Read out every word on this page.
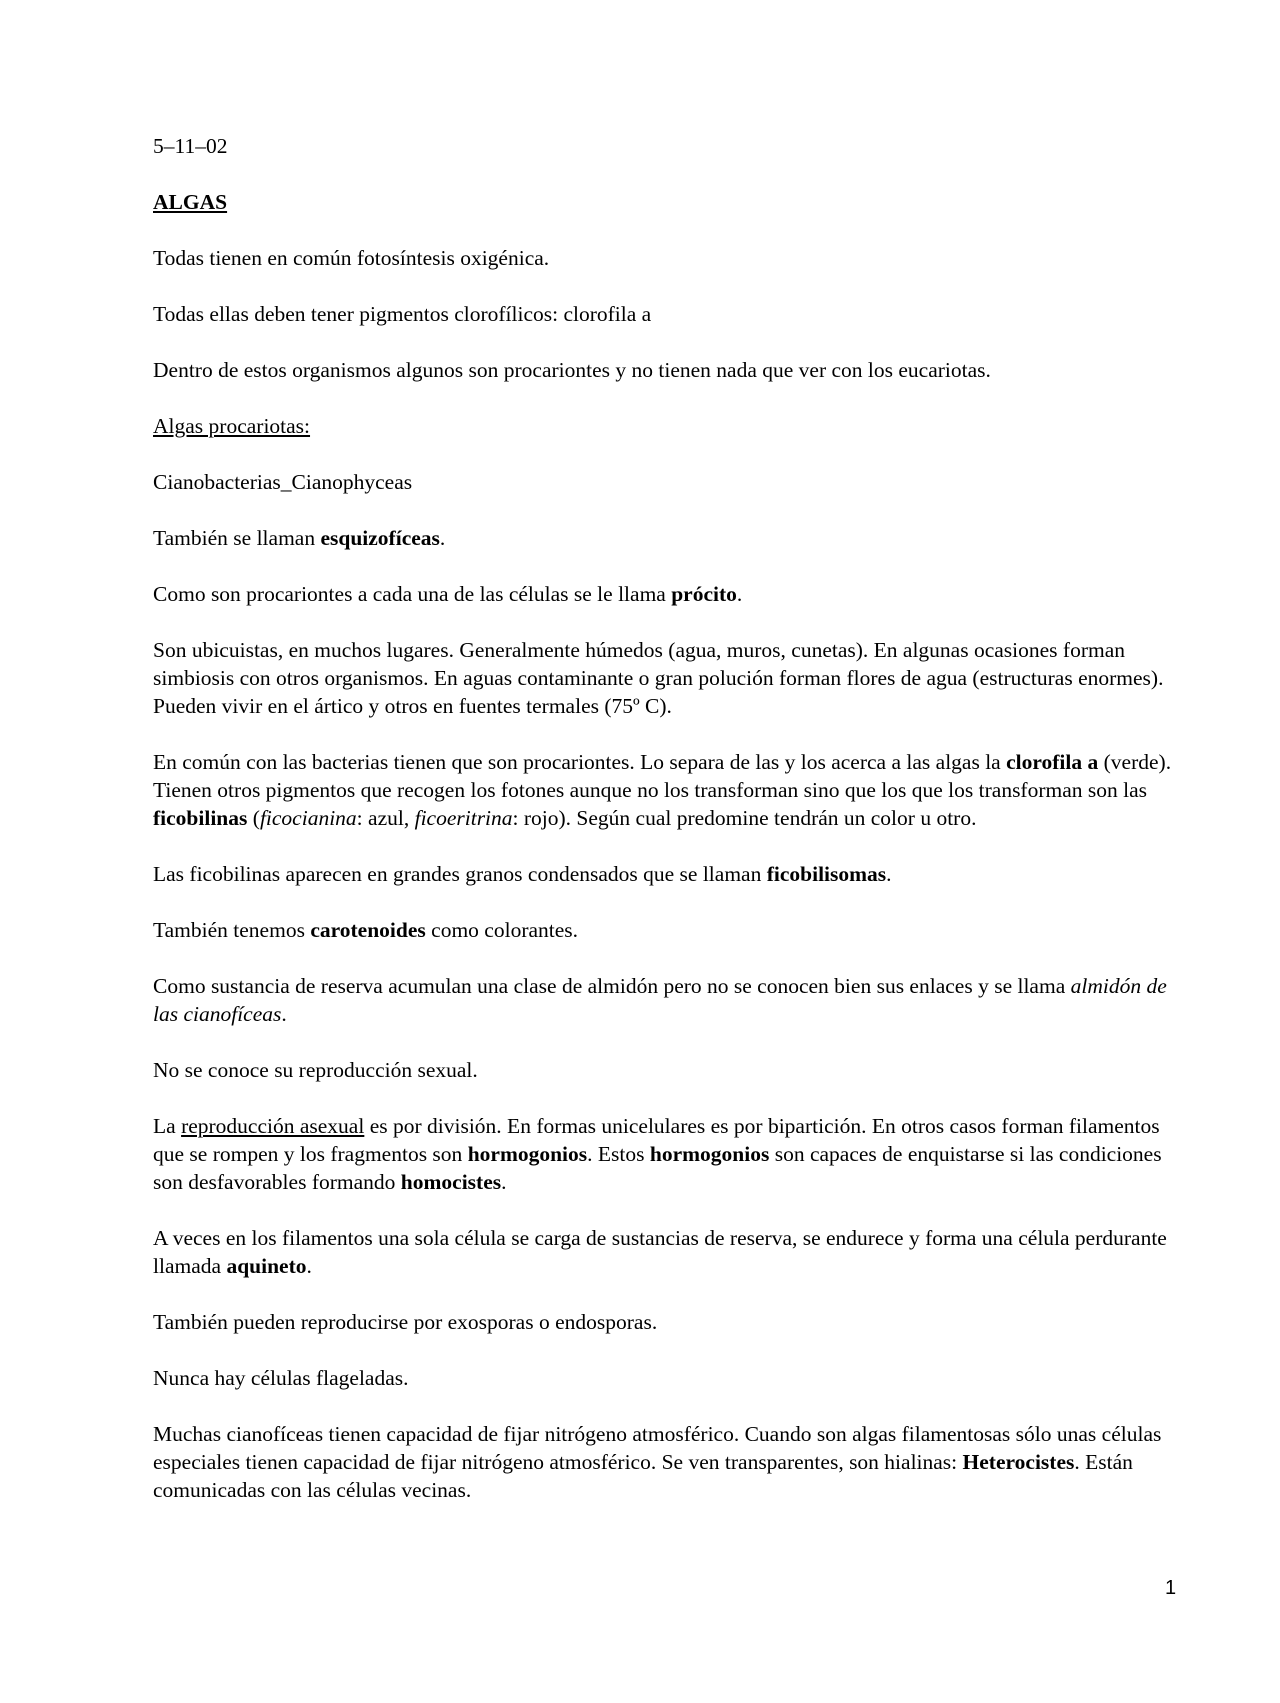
5–11–02

ALGAS

Todas tienen en común fotosíntesis oxigénica.

Todas ellas deben tener pigmentos clorofílicos: clorofila a

Dentro de estos organismos algunos son procariontes y no tienen nada que ver con los eucariotas.

Algas procariotas:

Cianobacterias_Cianophyceas

También se llaman esquizofíceas.

Como son procariontes a cada una de las células se le llama prócito.

Son ubicuistas, en muchos lugares. Generalmente húmedos (agua, muros, cunetas). En algunas ocasiones forman simbiosis con otros organismos. En aguas contaminante o gran polución forman flores de agua (estructuras enormes). Pueden vivir en el ártico y otros en fuentes termales (75º C).

En común con las bacterias tienen que son procariontes. Lo separa de las y los acerca a las algas la clorofila a (verde). Tienen otros pigmentos que recogen los fotones aunque no los transforman sino que los que los transforman son las ficobilinas (ficocianina: azul, ficoeritrina: rojo). Según cual predomine tendrán un color u otro.

Las ficobilinas aparecen en grandes granos condensados que se llaman ficobilisomas.

También tenemos carotenoides como colorantes.

Como sustancia de reserva acumulan una clase de almidón pero no se conocen bien sus enlaces y se llama almidón de las cianofíceas.

No se conoce su reproducción sexual.

La reproducción asexual es por división. En formas unicelulares es por bipartición. En otros casos forman filamentos que se rompen y los fragmentos son hormogonios. Estos hormogonios son capaces de enquistarse si las condiciones son desfavorables formando homocistes.

A veces en los filamentos una sola célula se carga de sustancias de reserva, se endurece y forma una célula perdurante llamada aquineto.

También pueden reproducirse por exosporas o endosporas.

Nunca hay células flageladas.

Muchas cianofíceas tienen capacidad de fijar nitrógeno atmosférico. Cuando son algas filamentosas sólo unas células especiales tienen capacidad de fijar nitrógeno atmosférico. Se ven transparentes, son hialinas: Heterocistes. Están comunicadas con las células vecinas.

1
